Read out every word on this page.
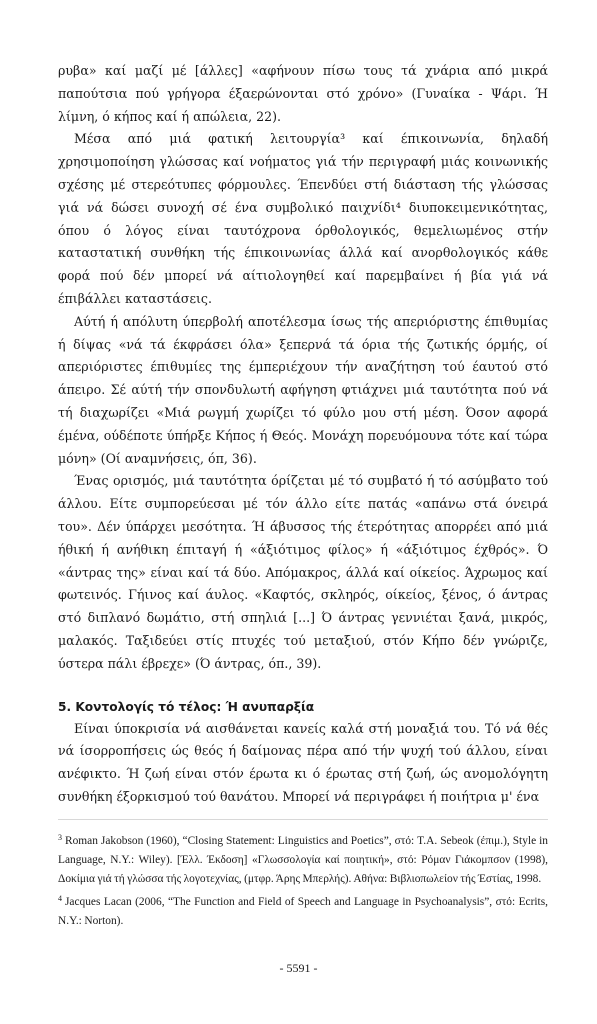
ρυβα» καί μαζί μέ [άλλες] «αφήνουν πίσω τους τά χνάρια από μικρά παπούτσια πού γρήγορα έξαερώνονται στό χρόνο» (Γυναίκα - Ψάρι. Ή λίμνη, ό κήπος καί ή απώλεια, 22).

Μέσα από μιά φατική λειτουργία³ καί έπικοινωνία, δηλαδή χρησιμοποίηση γλώσσας καί νοήματος γιά τήν περιγραφή μιάς κοινωνικής σχέσης μέ στερεότυπες φόρμουλες. Έπενδύει στή διάσταση τής γλώσσας γιά νά δώσει συνοχή σέ ένα συμβολικό παιχνίδι⁴ διυποκειμενικότητας, όπου ό λόγος είναι ταυτόχρονα όρθολογικός, θεμελιωμένος στήν καταστατική συνθήκη τής έπικοινωνίας άλλά καί ανορθολογικός κάθε φορά πού δέν μπορεί νά αίτιολογηθεί καί παρεμβαίνει ή βία γιά νά έπιβάλλει καταστάσεις.

Αύτή ή απόλυτη ύπερβολή αποτέλεσμα ίσως τής απεριόριστης έπιθυμίας ή δίψας «νά τά έκφράσει όλα» ξεπερνά τά όρια τής ζωτικής όρμής, οί απεριόριστες έπιθυμίες της έμπεριέχουν τήν αναζήτηση τού έαυτού στό άπειρο. Σέ αύτή τήν σπονδυλωτή αφήγηση φτιάχνει μιά ταυτότητα πού νά τή διαχωρίζει «Μιά ρωγμή χωρίζει τό φύλο μου στή μέση. Όσον αφορά έμένα, ούδέποτε ύπήρξε Κήπος ή Θεός. Μονάχη πορευόμουνα τότε καί τώρα μόνη» (Οί αναμνήσεις, όπ, 36).

Ένας ορισμός, μιά ταυτότητα όρίζεται μέ τό συμβατό ή τό ασύμβατο τού άλλου. Είτε συμπορεύεσαι μέ τόν άλλο είτε πατάς «απάνω στά όνειρά του». Δέν ύπάρχει μεσότητα. Ή άβυσσος τής έτερότητας απορρέει από μιά ήθική ή ανήθικη έπιταγή ή «άξιότιμος φίλος» ή «άξιότιμος έχθρός». Ό «άντρας της» είναι καί τά δύο. Απόμακρος, άλλά καί οίκείος. Άχρωμος καί φωτεινός. Γήινος καί άυλος. «Καφτός, σκληρός, οίκείος, ξένος, ό άντρας στό διπλανό δωμάτιο, στή σπηλιά [...] Ό άντρας γεννιέται ξανά, μικρός, μαλακός. Ταξιδεύει στίς πτυχές τού μεταξιού, στόν Κήπο δέν γνώριζε, ύστερα πάλι έβρεχε» (Ό άντρας, όπ., 39).

5. Κοντολογίς τό τέλος: Ή ανυπαρξία

Είναι ύποκρισία νά αισθάνεται κανείς καλά στή μοναξιά του. Τό νά θές νά ίσορροπήσεις ώς θεός ή δαίμονας πέρα από τήν ψυχή τού άλλου, είναι ανέφικτο. Ή ζωή είναι στόν έρωτα κι ό έρωτας στή ζωή, ώς ανομολόγητη συνθήκη έξορκισμού τού θανάτου. Μπορεί νά περιγράφει ή ποιήτρια μ' ένα

$^3$ Roman Jakobson (1960), “Closing Statement: Linguistics and Poetics”, στό: T.A. Sebeok (έπιμ.), Style in Language, N.Y.: Wiley). [Έλλ. Έκδοση] «Γλωσσολογία καί ποιητική», στό: Ρόμαν Γιάκομπσον (1998), Δοκίμια γιά τή γλώσσα τής λογοτεχνίας, (μτφρ. Άρης Μπερλής). Αθήνα: Βιβλιοπωλείον τής Έστίας, 1998.

$^4$ Jacques Lacan (2006, “The Function and Field of Speech and Language in Psychoanalysis”, στό: Ecrits, N.Y.: Norton).

- 5591 -
